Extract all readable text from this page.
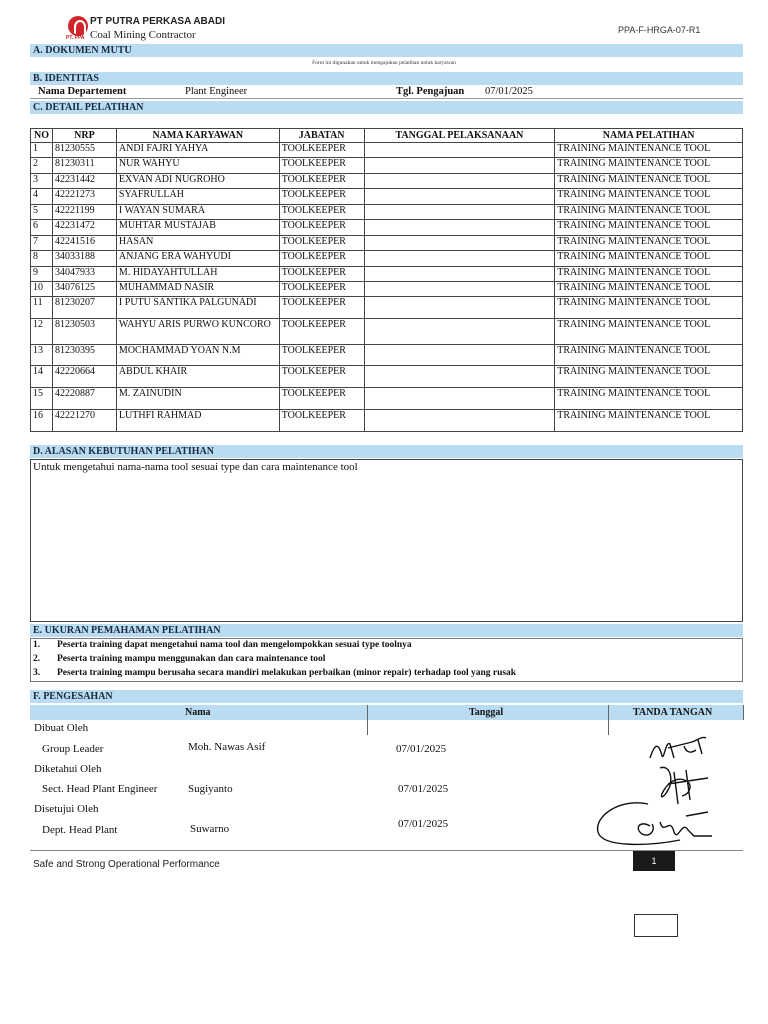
PT. PPA
PT PUTRA PERKASA ABADI
Coal Mining Contractor	PPA-F-HRGA-07-R1
A. DOKUMEN MUTU
Form ini digunakan untuk mengajukan pelatihan untuk karyawan
B. IDENTITAS
Nama Departement	Plant Engineer	Tgl. Pengajuan 07/01/2025
C. DETAIL PELATIHAN
NO	NRP	NAMA KARYAWAN	JABATAN	TANGGAL PELAKSANAAN	NAMA PELATIHAN
1	81230555	ANDI FAJRI YAHYA	TOOLKEEPER		TRAINING MAINTENANCE TOOL
2	81230311	NUR WAHYU	TOOLKEEPER		TRAINING MAINTENANCE TOOL
3	42231442	EXVAN ADI NUGROHO	TOOLKEEPER		TRAINING MAINTENANCE TOOL
4	42221273	SYAFRULLAH	TOOLKEEPER		TRAINING MAINTENANCE TOOL
5	42221199	I WAYAN SUMARA	TOOLKEEPER		TRAINING MAINTENANCE TOOL
6	42231472	MUHTAR MUSTAJAB	TOOLKEEPER		TRAINING MAINTENANCE TOOL
7	42241516	HASAN	TOOLKEEPER		TRAINING MAINTENANCE TOOL
8	34033188	ANJANG ERA WAHYUDI	TOOLKEEPER		TRAINING MAINTENANCE TOOL
9	34047933	M. HIDAYAHTULLAH	TOOLKEEPER		TRAINING MAINTENANCE TOOL
10	34076125	MUHAMMAD NASIR	TOOLKEEPER		TRAINING MAINTENANCE TOOL
11	81230207	I PUTU SANTIKA PALGUNADI	TOOLKEEPER		TRAINING MAINTENANCE TOOL
12	81230503	WAHYU ARIS PURWO KUNCORO	TOOLKEEPER		TRAINING MAINTENANCE TOOL
13	81230395	MOCHAMMAD YOAN N.M	TOOLKEEPER		TRAINING MAINTENANCE TOOL
14	42220664	ABDUL KHAIR	TOOLKEEPER		TRAINING MAINTENANCE TOOL
15	42220887	M. ZAINUDIN	TOOLKEEPER		TRAINING MAINTENANCE TOOL
16	42221270	LUTHFI RAHMAD	TOOLKEEPER		TRAINING MAINTENANCE TOOL
D. ALASAN KEBUTUHAN PELATIHAN
Untuk mengetahui nama-nama tool sesuai type dan cara maintenance tool
E. UKURAN PEMAHAMAN PELATIHAN
1. Peserta training dapat mengetahui nama tool dan mengelompokkan sesuai type toolnya
2. Peserta training mampu menggunakan dan cara maintenance tool
3. Peserta training mampu berusaha secara mandiri melakukan perbaikan (minor repair) terhadap tool yang rusak
F. PENGESAHAN
Nama	Tanggal	TANDA TANGAN
Dibuat Oleh
Group Leader	Moh. Nawas Asif	07/01/2025
Diketahui Oleh
Sect. Head Plant Engineer	Sugiyanto	07/01/2025
Disetujui Oleh
Dept. Head Plant	Suwarno	07/01/2025
Safe and Strong Operational Performance	1
